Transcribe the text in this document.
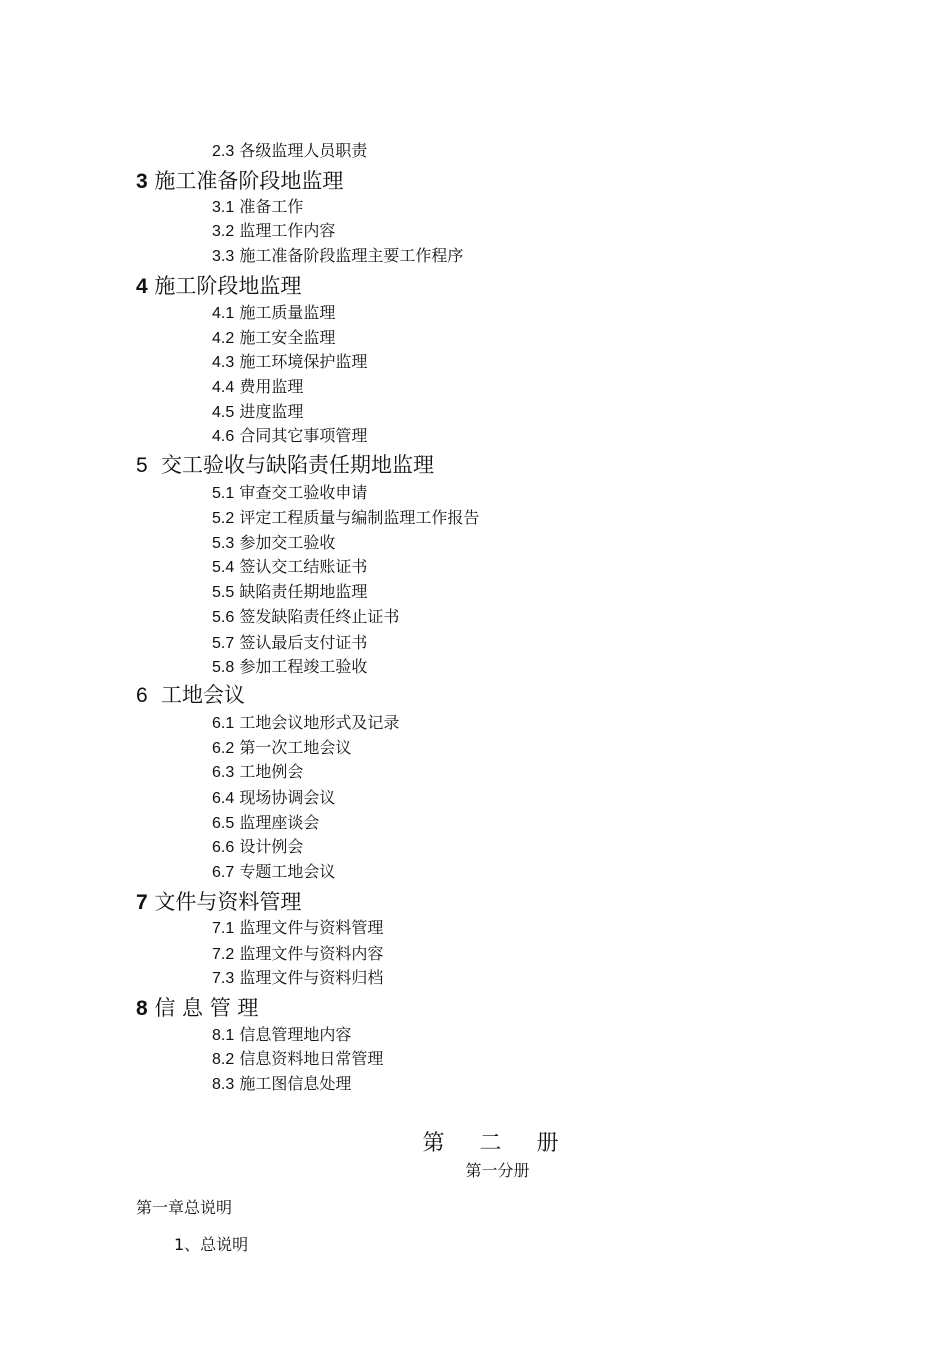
2.3 各级监理人员职责
3 施工准备阶段地监理
3.1 准备工作
3.2 监理工作内容
3.3 施工准备阶段监理主要工作程序
4 施工阶段地监理
4.1 施工质量监理
4.2 施工安全监理
4.3 施工环境保护监理
4.4 费用监理
4.5 进度监理
4.6 合同其它事项管理
5 交工验收与缺陷责任期地监理
5.1 审查交工验收申请
5.2 评定工程质量与编制监理工作报告
5.3 参加交工验收
5.4 签认交工结账证书
5.5 缺陷责任期地监理
5.6 签发缺陷责任终止证书
5.7 签认最后支付证书
5.8 参加工程竣工验收
6 工地会议
6.1 工地会议地形式及记录
6.2 第一次工地会议
6.3 工地例会
6.4 现场协调会议
6.5 监理座谈会
6.6 设计例会
6.7 专题工地会议
7 文件与资料管理
7.1 监理文件与资料管理
7.2 监理文件与资料内容
7.3 监理文件与资料归档
8 信 息 管 理
8.1 信息管理地内容
8.2 信息资料地日常管理
8.3 施工图信息处理
第 二 册
第一分册
第一章总说明
1、总说明
